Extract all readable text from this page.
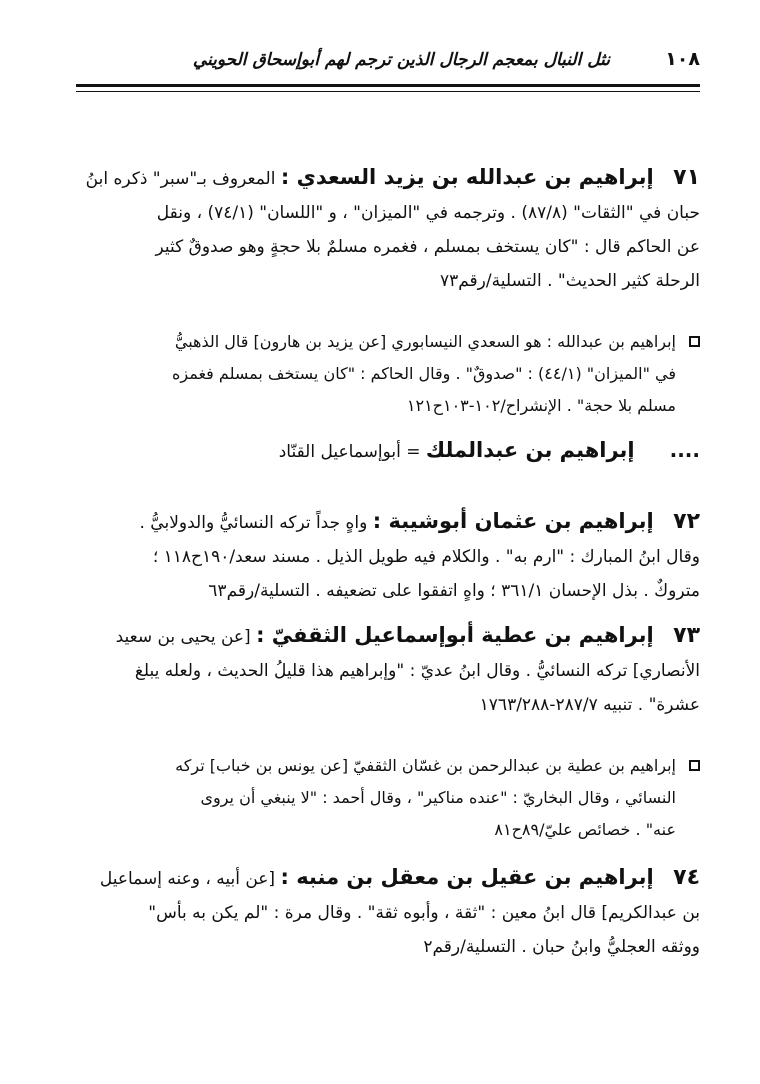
١٠٨
نثل النبال بمعجم الرجال الذين ترجم لهم أبوإسحاق الحويني

٧١ إبراهيم بن عبدالله بن يزيد السعدي : المعروف بـ"سبر" ذكره ابنُ

حبان في "الثقات" (٨٧/٨) . وترجمه في "الميزان" ، و "اللسان" (٧٤/١) ، ونقل

عن الحاكم قال : "كان يستخف بمسلم ، فغمره مسلمٌ بلا حجةٍ وهو صدوقٌ كثير

الرحلة كثير الحديث" . التسلية/رقم٧٣

إبراهيم بن عبدالله : هو السعدي النيسابوري [عن يزيد بن هارون] قال الذهبيُّ

في "الميزان" (٤٤/١) : "صدوقٌ" . وقال الحاكم : "كان يستخف بمسلم فغمزه

مسلم بلا حجة" . الإنشراح/١٠٢-١٠٣ح١٢١

.... إبراهيم بن عبدالملك = أبوإسماعيل القنّاد

٧٢ إبراهيم بن عثمان أبوشيبة : واهٍ جداً تركه النسائيُّ والدولابيُّ .

وقال ابنُ المبارك : "ارم به" . والكلام فيه طويل الذيل . مسند سعد/١٩٠ح١١٨ ؛

متروكٌ . بذل الإحسان ٣٦١/١ ؛ واهٍ اتفقوا على تضعيفه . التسلية/رقم٦٣

٧٣ إبراهيم بن عطية أبوإسماعيل الثقفيّ : [عن يحيى بن سعيد

الأنصاري] تركه النسائيُّ . وقال ابنُ عديّ : "وإبراهيم هذا قليلُ الحديث ، ولعله يبلغ

عشرة" . تنبيه ٢٨٧/٧-١٧٦٣/٢٨٨

إبراهيم بن عطية بن عبدالرحمن بن غسّان الثقفيّ [عن يونس بن خباب] تركه

النسائي ، وقال البخاريّ : "عنده مناكير" ، وقال أحمد : "لا ينبغي أن يروى

عنه" . خصائص عليّ/٨٩ح٨١

٧٤ إبراهيم بن عقيل بن معقل بن منبه : [عن أبيه ، وعنه إسماعيل

بن عبدالكريم] قال ابنُ معين : "ثقة ، وأبوه ثقة" . وقال مرة : "لم يكن به بأس"

ووثقه العجليُّ وابنُ حبان . التسلية/رقم٢
